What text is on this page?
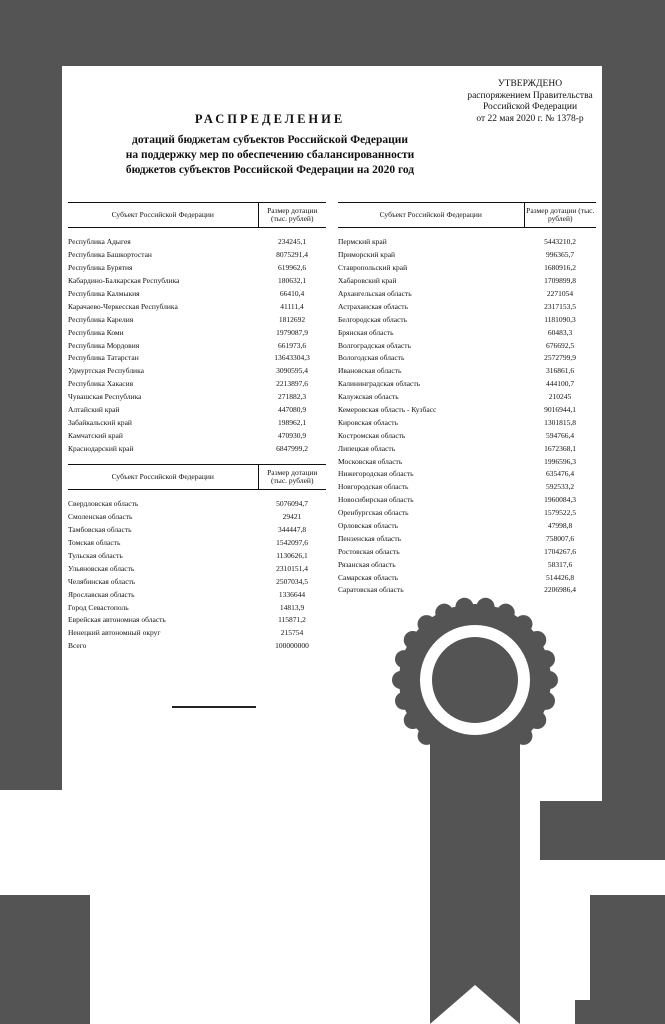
УТВЕРЖДЕНО
распоряжением Правительства
Российской Федерации
от 22 мая 2020 г. № 1378-р
РАСПРЕДЕЛЕНИЕ
дотаций бюджетам субъектов Российской Федерации
на поддержку мер по обеспечению сбалансированности
бюджетов субъектов Российской Федерации на 2020 год
Субъект Российской Федерации	Размер дотации (тыс. рублей)

Республика Адыгея	234245,1
Республика Башкортостан	8075291,4
Республика Бурятия	619962,6
Кабардино-Балкарская Республика	180632,1
Республика Калмыкия	66410,4
Карачаево-Черкесская Республика	41111,4
Республика Карелия	1812692
Республика Коми	1979087,9
Республика Мордовия	661973,6
Республика Татарстан	13643304,3
Удмуртская Республика	3090595,4
Республика Хакасия	2213897,6
Чувашская Республика	271882,3
Алтайский край	447080,9
Забайкальский край	198962,1
Камчатский край	470930,9
Краснодарский край	6847999,2
Субъект Российской Федерации	Размер дотации (тыс. рублей)

Свердловская область	5076094,7
Смоленская область	29421
Тамбовская область	344447,8
Томская область	1542097,6
Тульская область	1130626,1
Ульяновская область	2310151,4
Челябинская область	2507034,5
Ярославская область	1336644
Город Севастополь	14813,9
Еврейская автономная область	115871,2
Ненецкий автономный округ	215754
Всего	100000000
Субъект Российской Федерации	Размер дотации (тыс. рублей)

Пермский край	5443210,2
Приморский край	996365,7
Ставропольский край	1680916,2
Хабаровский край	1709899,8
Архангельская область	2271054
Астраханская область	2317153,5
Белгородская область	1181090,3
Брянская область	60483,3
Волгоградская область	676692,5
Вологодская область	2572799,9
Ивановская область	316861,6
Калининградская область	444100,7
Калужская область	210245
Кемеровская область - Кузбасс	9016944,1
Кировская область	1301815,8
Костромская область	594766,4
Липецкая область	1672368,1
Московская область	1996596,3
Нижегородская область	635476,4
Новгородская область	592533,2
Новосибирская область	1960084,3
Оренбургская область	1579522,5
Орловская область	47998,8
Пензенская область	758007,6
Ростовская область	1704267,6
Рязанская область	58317,6
Самарская область	514426,8
Саратовская область	2206986,4
